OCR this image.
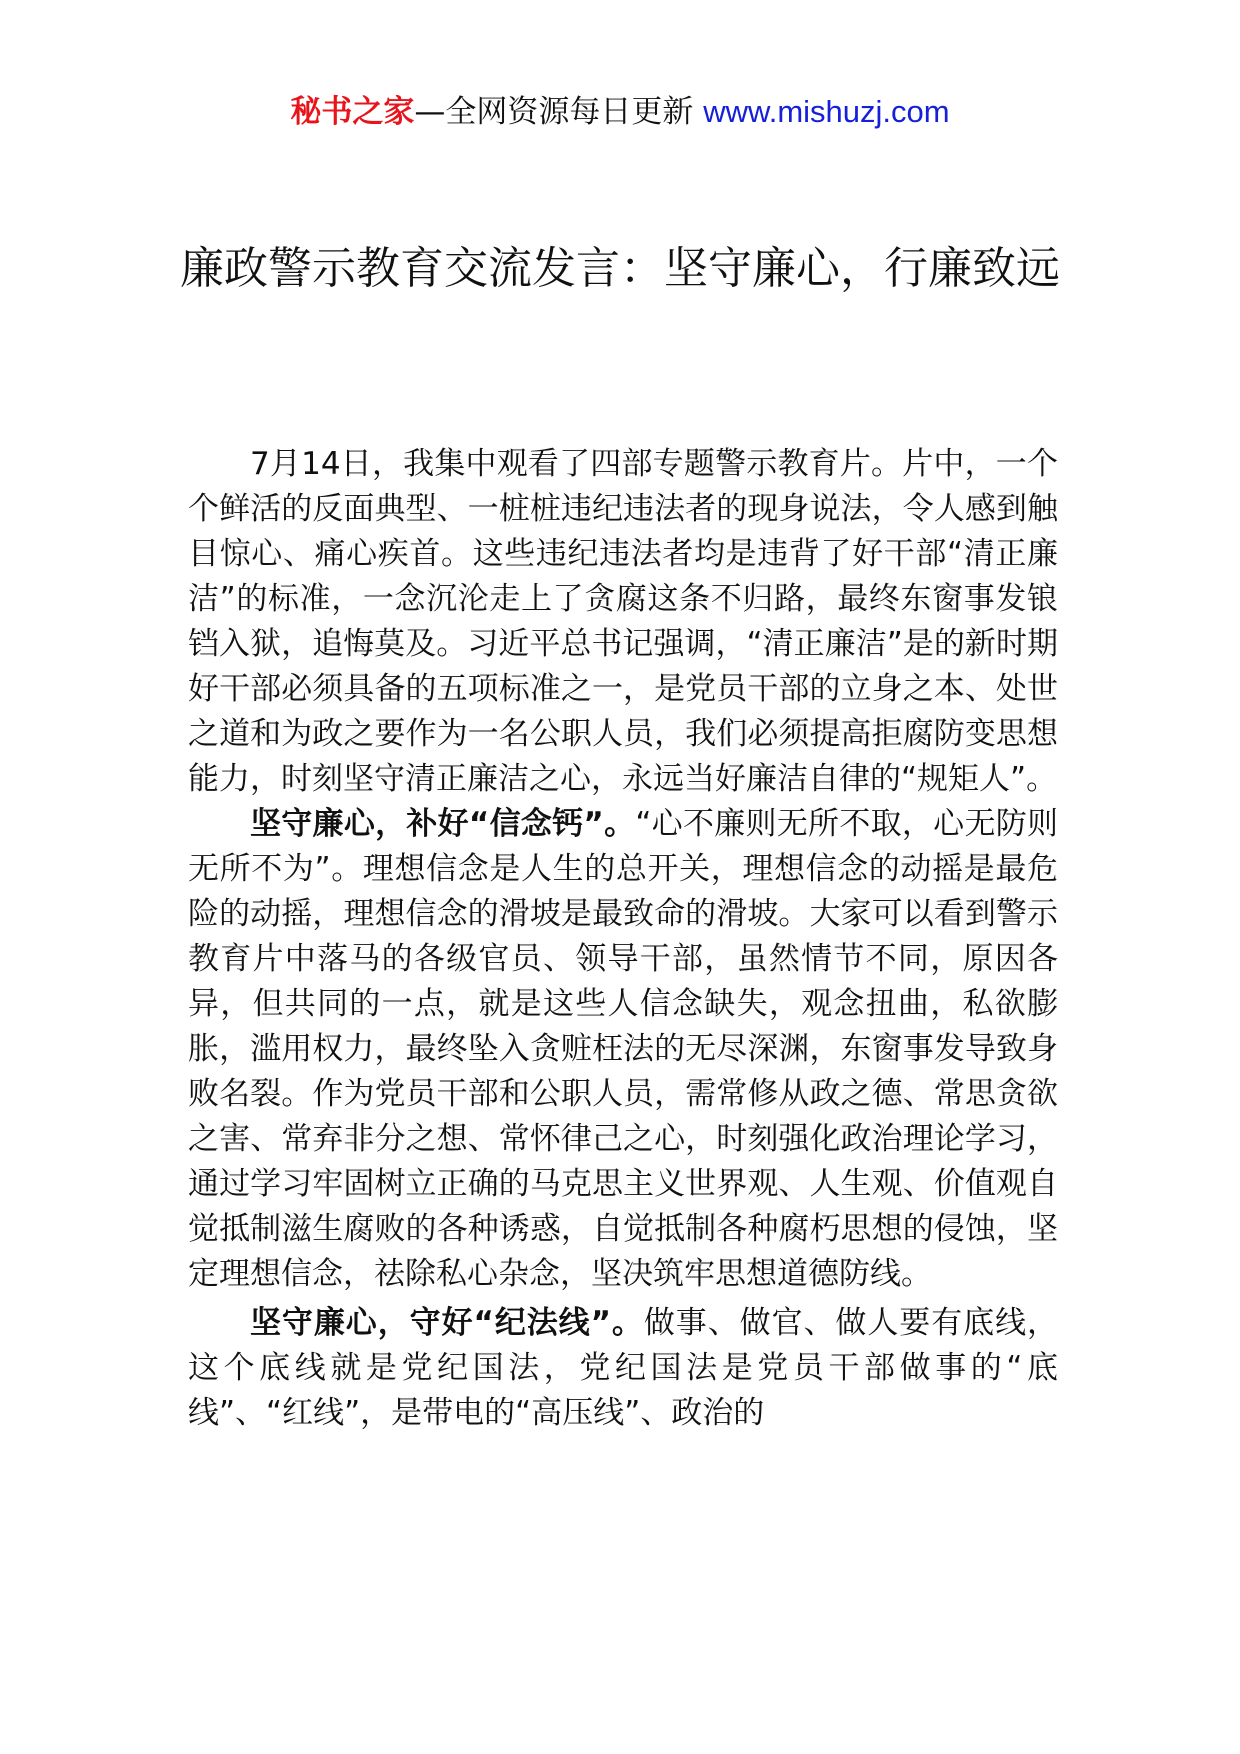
秘书之家—全网资源每日更新 www.mishuzj.com
廉政警示教育交流发言：坚守廉心，行廉致远

7月14日，我集中观看了四部专题警示教育片。片中，一个个鲜活的反面典型、一桩桩违纪违法者的现身说法，令人感到触目惊心、痛心疾首。这些违纪违法者均是违背了好干部“清正廉洁”的标准，一念沉沦走上了贪腐这条不归路，最终东窗事发锒铛入狱，追悔莫及。习近平总书记强调，“清正廉洁”是的新时期好干部必须具备的五项标准之一，是党员干部的立身之本、处世之道和为政之要作为一名公职人员，我们必须提高拒腐防变思想能力，时刻坚守清正廉洁之心，永远当好廉洁自律的“规矩人”。

坚守廉心，补好“信念钙”。“心不廉则无所不取，心无防则无所不为”。理想信念是人生的总开关，理想信念的动摇是最危险的动摇，理想信念的滑坡是最致命的滑坡。大家可以看到警示教育片中落马的各级官员、领导干部，虽然情节不同，原因各异，但共同的一点，就是这些人信念缺失，观念扭曲，私欲膨胀，滥用权力，最终坠入贪赃枉法的无尽深渊，东窗事发导致身败名裂。作为党员干部和公职人员，需常修从政之德、常思贪欲之害、常弃非分之想、常怀律己之心，时刻强化政治理论学习，通过学习牢固树立正确的马克思主义世界观、人生观、价值观自觉抵制滋生腐败的各种诱惑，自觉抵制各种腐朽思想的侵蚀，坚定理想信念，祛除私心杂念，坚决筑牢思想道德防线。

坚守廉心，守好“纪法线”。做事、做官、做人要有底线，这个底线就是党纪国法，党纪国法是党员干部做事的“底线”、“红线”，是带电的“高压线”、政治的
